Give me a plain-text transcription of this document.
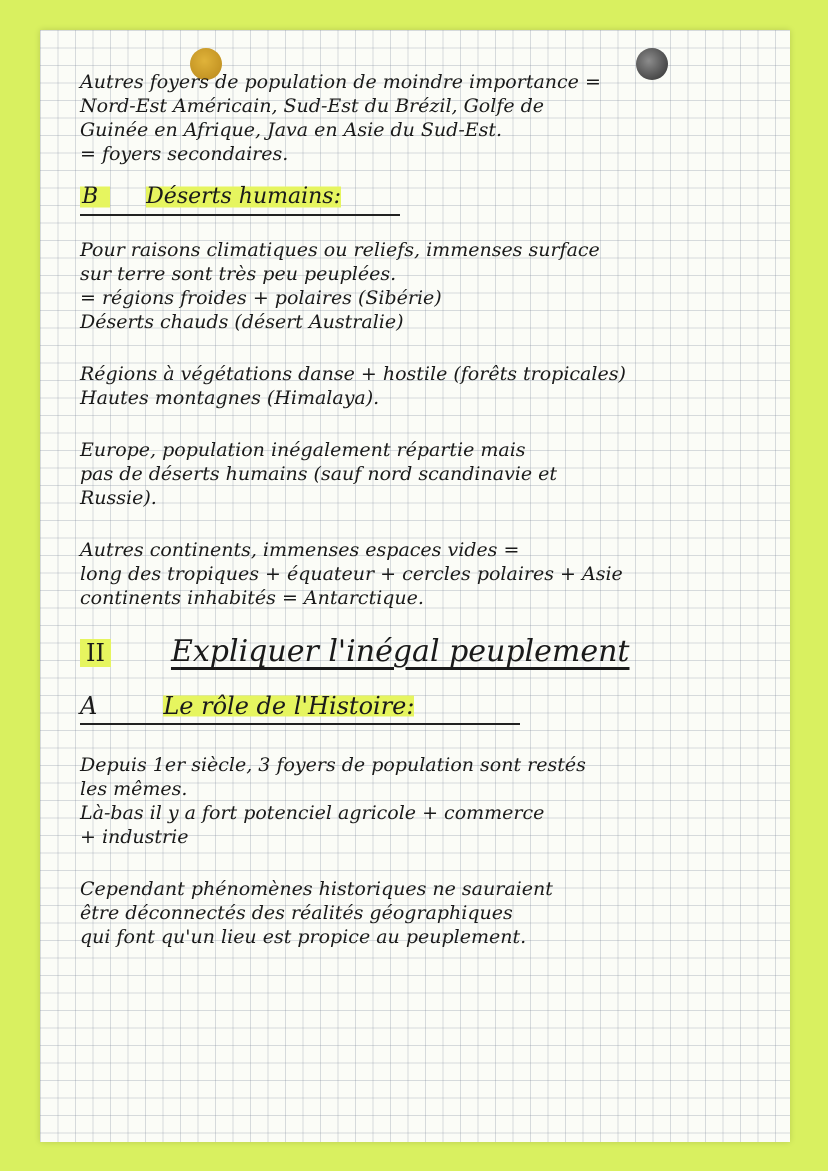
Autres foyers de population de moindre importance =
Nord-Est Américain, Sud-Est du Brézil, Golfe de
Guinée en Afrique, Java en Asie du Sud-Est.
= foyers secondaires.

B	Déserts humains:

Pour raisons climatiques ou reliefs, immenses surface
sur terre sont très peu peuplées.
= régions froides + polaires (Sibérie)
Déserts chauds (désert Australie)

Régions à végétations danse + hostile (forêts tropicales)
Hautes montagnes (Himalaya).

Europe, population inégalement répartie mais
pas de déserts humains (sauf nord scandinavie et
Russie).

Autres continents, immenses espaces vides =
long des tropiques + équateur + cercles polaires + Asie
continents inhabités = Antarctique.

II Expliquer l'inégal peuplement
A	Le rôle de l'Histoire:

Depuis 1er siècle, 3 foyers de population sont restés
les mêmes.
Là-bas il y a fort potenciel agricole + commerce
+ industrie

Cependant phénomènes historiques ne sauraient
être déconnectés des réalités géographiques
qui font qu'un lieu est propice au peuplement.
